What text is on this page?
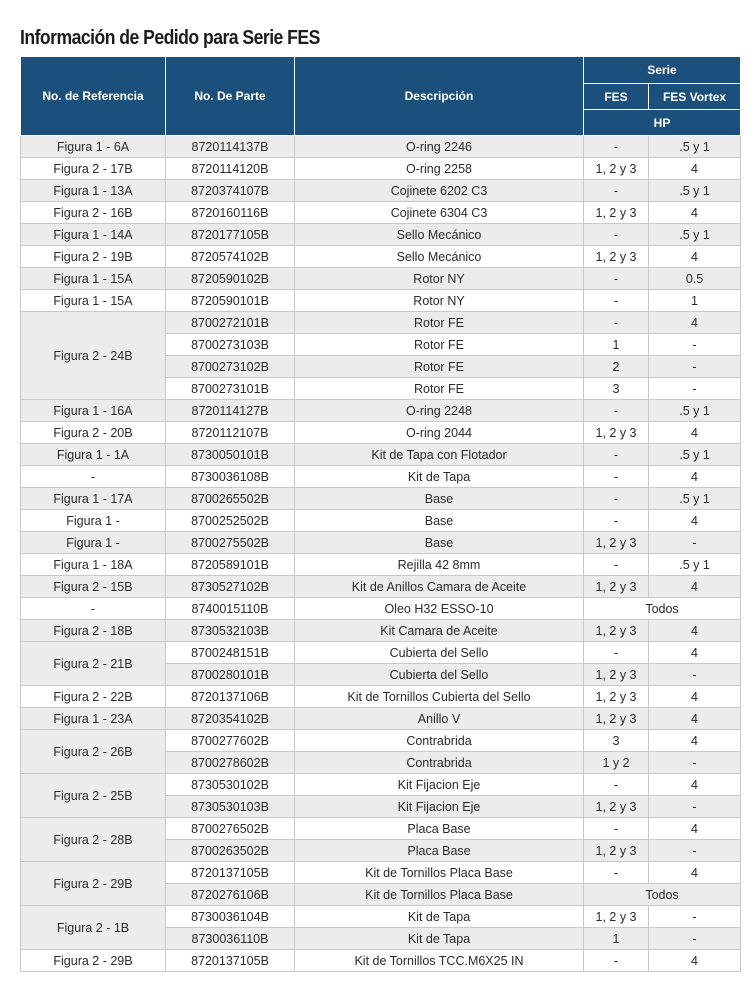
Información de Pedido para Serie FES
No. de Referencia	No. De Parte	Descripción	Serie	
			FES	FES Vortex
			HP	
Figura 1 - 6A	8720114137B	O-ring 2246	-	.5 y 1
Figura 2 - 17B	8720114120B	O-ring 2258	1, 2 y 3	4
Figura 1 - 13A	8720374107B	Cojinete 6202 C3	-	.5 y 1
Figura 2 - 16B	8720160116B	Cojinete 6304 C3	1, 2 y 3	4
Figura 1 - 14A	8720177105B	Sello Mecánico	-	.5 y 1
Figura 2 - 19B	8720574102B	Sello Mecánico	1, 2 y 3	4
Figura 1 - 15A	8720590102B	Rotor NY	-	0.5
Figura 1 - 15A	8720590101B	Rotor NY	-	1
Figura 2 - 24B	8700272101B	Rotor FE	-	4
	8700273103B	Rotor FE	1	-
	8700273102B	Rotor FE	2	-
	8700273101B	Rotor FE	3	-
Figura 1 - 16A	8720114127B	O-ring 2248	-	.5 y 1
Figura 2 - 20B	8720112107B	O-ring 2044	1, 2 y 3	4
Figura 1 - 1A	8730050101B	Kit de Tapa con Flotador	-	.5 y 1
-	8730036108B	Kit de Tapa	-	4
Figura 1 - 17A	8700265502B	Base	-	.5 y 1
Figura 1 -	8700252502B	Base	-	4
Figura 1 -	8700275502B	Base	1, 2 y 3	-
Figura 1 - 18A	8720589101B	Rejilla 42 8mm	-	.5 y 1
Figura 2 - 15B	8730527102B	Kit de Anillos Camara de Aceite	1, 2 y 3	4
-	8740015110B	Oleo H32 ESSO-10	Todos	
Figura 2 - 18B	8730532103B	Kit Camara de Aceite	1, 2 y 3	4
Figura 2 - 21B	8700248151B	Cubierta del Sello	-	4
	8700280101B	Cubierta del Sello	1, 2 y 3	-
Figura 2 - 22B	8720137106B	Kit de Tornillos Cubierta del Sello	1, 2 y 3	4
Figura 1 - 23A	8720354102B	Anillo V	1, 2 y 3	4
Figura 2 - 26B	8700277602B	Contrabrida	3	4
	8700278602B	Contrabrida	1 y 2	-
Figura 2 - 25B	8730530102B	Kit Fijacion Eje	-	4
	8730530103B	Kit Fijacion Eje	1, 2 y 3	-
Figura 2 - 28B	8700276502B	Placa Base	-	4
	8700263502B	Placa Base	1, 2 y 3	-
Figura 2 - 29B	8720137105B	Kit de Tornillos Placa Base	-	4
	8720276106B	Kit de Tornillos Placa Base	Todos	
Figura 2 - 1B	8730036104B	Kit de Tapa	1, 2 y 3	-
	8730036110B	Kit de Tapa	1	-
Figura 2 - 29B	8720137105B	Kit de Tornillos TCC.M6X25 IN	-	4
